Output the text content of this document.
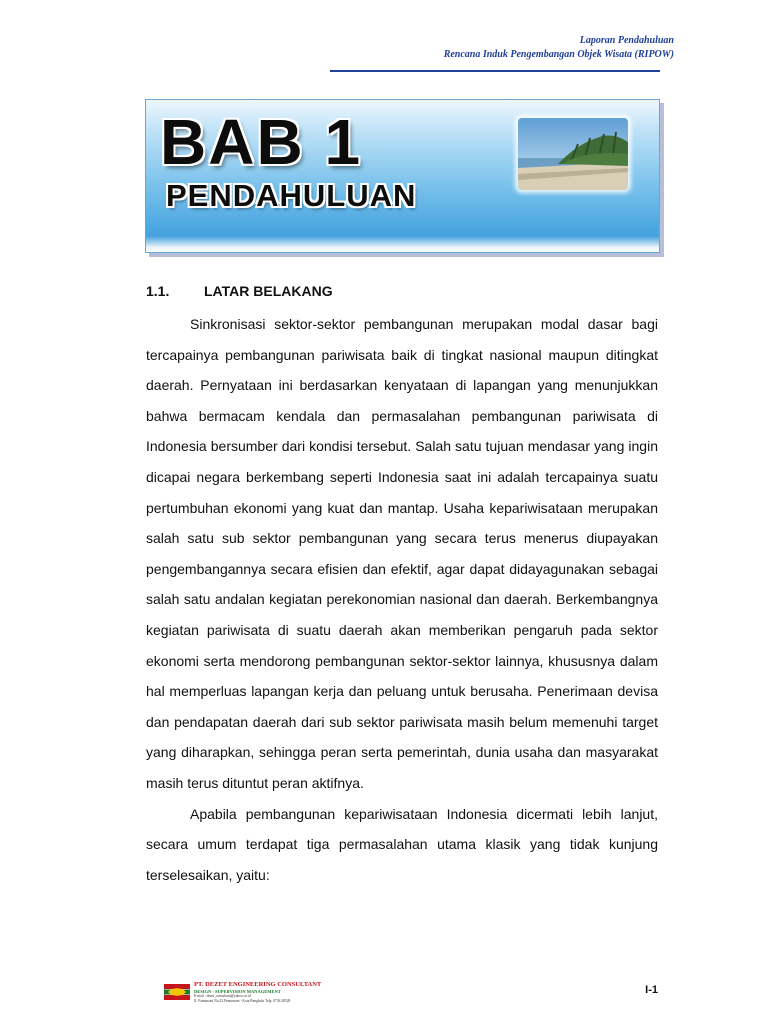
Laporan Pendahuluan
Rencana Induk Pengembangan Objek Wisata (RIPOW)
BAB 1
PENDAHULUAN
1.1. LATAR BELAKANG

Sinkronisasi sektor-sektor pembangunan merupakan modal dasar bagi tercapainya pembangunan pariwisata baik di tingkat nasional maupun ditingkat daerah. Pernyataan ini berdasarkan kenyataan di lapangan yang menunjukkan bahwa bermacam kendala dan permasalahan pembangunan pariwisata di Indonesia bersumber dari kondisi tersebut. Salah satu tujuan mendasar yang ingin dicapai negara berkembang seperti Indonesia saat ini adalah tercapainya suatu pertumbuhan ekonomi yang kuat dan mantap. Usaha kepariwisataan merupakan salah satu sub sektor pembangunan yang secara terus menerus diupayakan pengembangannya secara efisien dan efektif, agar dapat didayagunakan sebagai salah satu andalan kegiatan perekonomian nasional dan daerah. Berkembangnya kegiatan pariwisata di suatu daerah akan memberikan pengaruh pada sektor ekonomi serta mendorong pembangunan sektor-sektor lainnya, khususnya dalam hal memperluas lapangan kerja dan peluang untuk berusaha. Penerimaan devisa dan pendapatan daerah dari sub sektor pariwisata masih belum memenuhi target yang diharapkan, sehingga peran serta pemerintah, dunia usaha dan masyarakat masih terus dituntut peran aktifnya.

Apabila pembangunan kepariwisataan Indonesia dicermati lebih lanjut, secara umum terdapat tiga permasalahan utama klasik yang tidak kunjung terselesaikan, yaitu:

PT. DEZET ENGINEERING CONSULTANT
DESIGN - SUPERVISION MANAGEMENT
E-mail : dezet_consultant@yahoo.co.id
Jl. Fatmawati No.23 Penurunan - Kota Bengkulu Telp. 0736 28528
I-1
